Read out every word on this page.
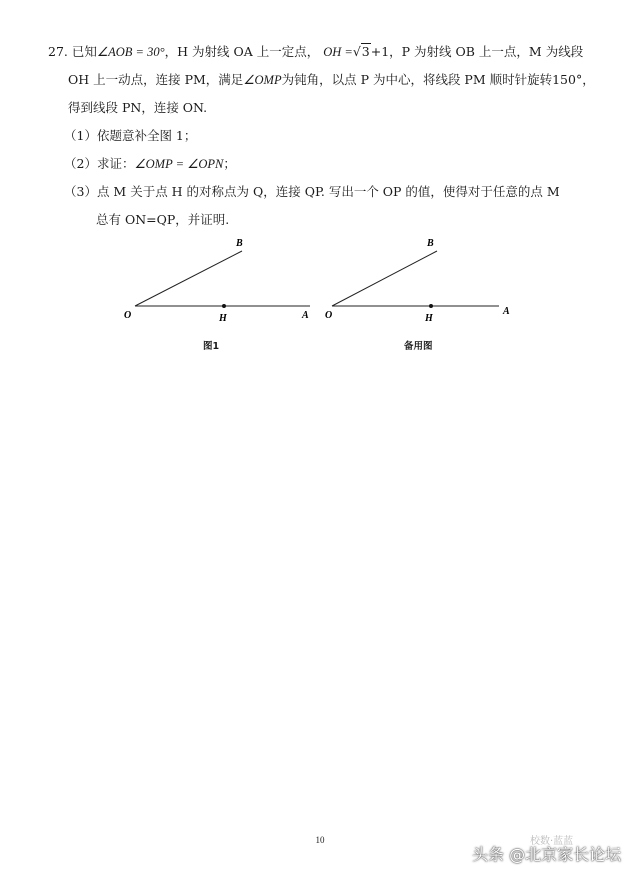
27. 已知∠AOB = 30°，H 为射线 OA 上一定点， OH =√3+1，P 为射线 OB 上一点，M 为线段
OH 上一动点，连接 PM，满足∠OMP为钝角，以点 P 为中心，将线段 PM 顺时针旋转150°，
得到线段 PN，连接 ON.
（1）依题意补全图 1；
（2）求证：∠OMP = ∠OPN；
（3）点 M 关于点 H 的对称点为 Q，连接 QP. 写出一个 OP 的值，使得对于任意的点 M
总有 ON=QP，并证明.
O	H	A
B
图1
O	H
A
B
备用图
10	校数·蓝蓝
头条 @北京家长论坛
